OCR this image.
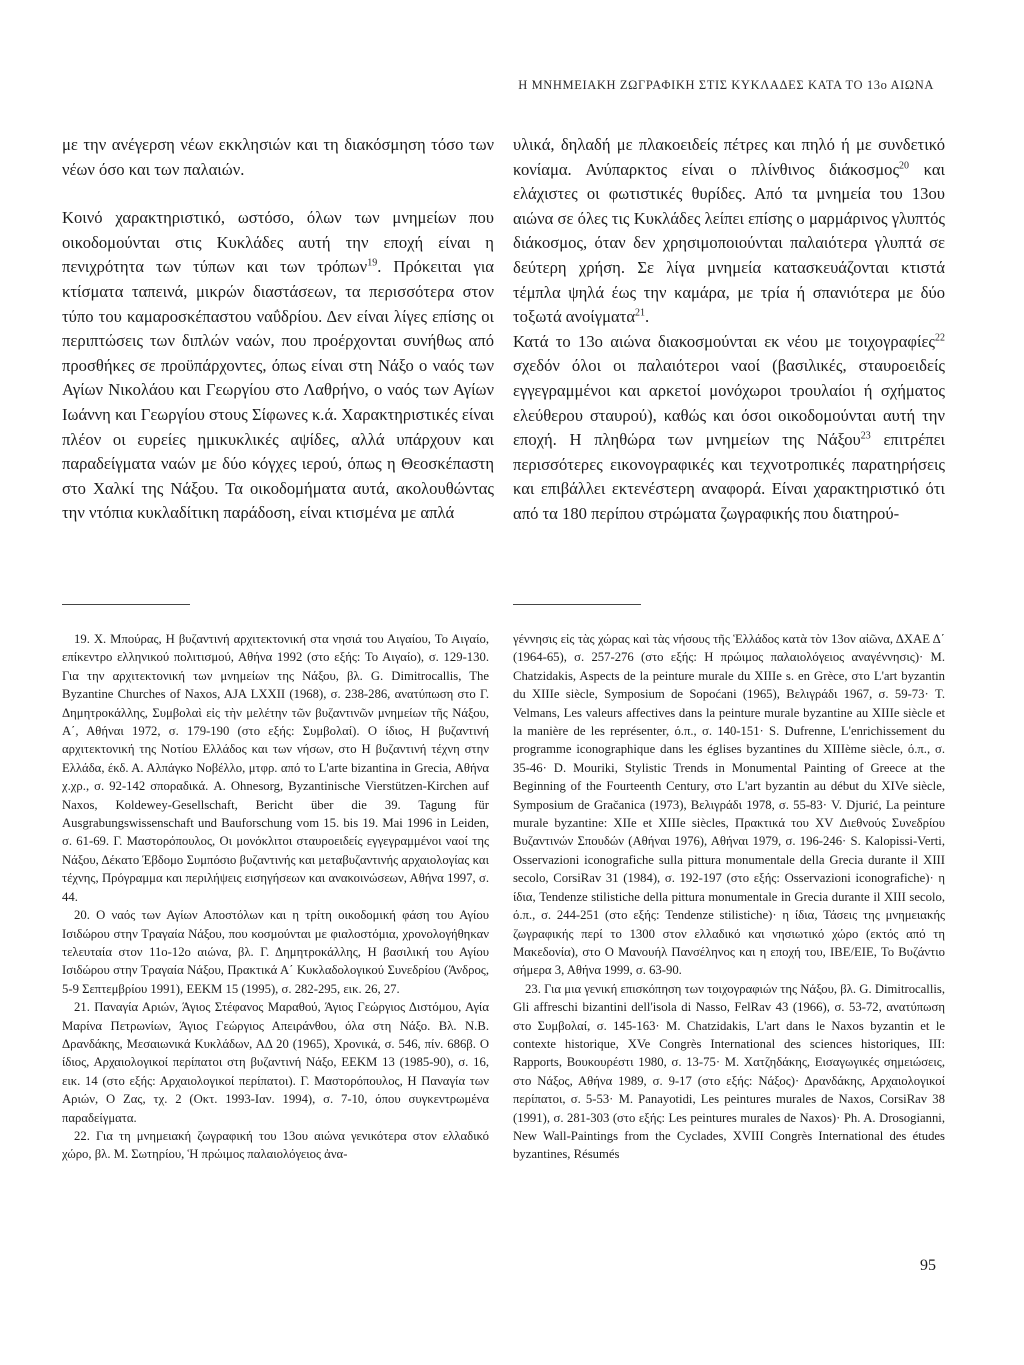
Η ΜΝΗΜΕΙΑΚΗ ΖΩΓΡΑΦΙΚΗ ΣΤΙΣ ΚΥΚΛΑΔΕΣ ΚΑΤΑ ΤΟ 13ο ΑΙΩΝΑ

με την ανέγερση νέων εκκλησιών και τη διακόσμηση τόσο των νέων όσο και των παλαιών.

Κοινό χαρακτηριστικό, ωστόσο, όλων των μνημείων που οικοδομούνται στις Κυκλάδες αυτή την εποχή είναι η πενιχρότητα των τύπων και των τρόπων$^{19}$. Πρόκειται για κτίσματα ταπεινά, μικρών διαστάσεων, τα περισσότερα στον τύπο του καμαροσκέπαστου ναΰδρίου. Δεν είναι λίγες επίσης οι περιπτώσεις των διπλών ναών, που προέρχονται συνήθως από προσθήκες σε προϋπάρχοντες, όπως είναι στη Νάξο ο ναός των Αγίων Νικολάου και Γεωργίου στο Λαθρήνο, ο ναός των Αγίων Ιωάννη και Γεωργίου στους Σίφωνες κ.ά. Χαρακτηριστικές είναι πλέον οι ευρείες ημικυκλικές αψίδες, αλλά υπάρχουν και παραδείγματα ναών με δύο κόγχες ιερού, όπως η Θεοσκέπαστη στο Χαλκί της Νάξου. Τα οικοδομήματα αυτά, ακολουθώντας την ντόπια κυκλαδίτικη παράδοση, είναι κτισμένα με απλά

υλικά, δηλαδή με πλακοειδείς πέτρες και πηλό ή με συνδετικό κονίαμα. Ανύπαρκτος είναι ο πλίνθινος διάκοσμος$^{20}$ και ελάχιστες οι φωτιστικές θυρίδες. Από τα μνημεία του 13ου αιώνα σε όλες τις Κυκλάδες λείπει επίσης ο μαρμάρινος γλυπτός διάκοσμος, όταν δεν χρησιμοποιούνται παλαιότερα γλυπτά σε δεύτερη χρήση. Σε λίγα μνημεία κατασκευάζονται κτιστά τέμπλα ψηλά έως την καμάρα, με τρία ή σπανιότερα με δύο τοξωτά ανοίγματα$^{21}$.

Κατά το 13ο αιώνα διακοσμούνται εκ νέου με τοιχογραφίες$^{22}$ σχεδόν όλοι οι παλαιότεροι ναοί (βασιλικές, σταυροειδείς εγγεγραμμένοι και αρκετοί μονόχωροι τρουλαίοι ή σχήματος ελεύθερου σταυρού), καθώς και όσοι οικοδομούνται αυτή την εποχή. Η πληθώρα των μνημείων της Νάξου$^{23}$ επιτρέπει περισσότερες εικονογραφικές και τεχνοτροπικές παρατηρήσεις και επιβάλλει εκτενέστερη αναφορά. Είναι χαρακτηριστικό ότι από τα 180 περίπου στρώματα ζωγραφικής που διατηρού-

19. Χ. Μπούρας, Η βυζαντινή αρχιτεκτονική στα νησιά του Αιγαίου, Το Αιγαίο, επίκεντρο ελληνικού πολιτισμού, Αθήνα 1992 (στο εξής: Το Αιγαίο), σ. 129-130. Για την αρχιτεκτονική των μνημείων της Νάξου, βλ. G. Dimitrocallis, The Byzantine Churches of Naxos, AJA LXXII (1968), σ. 238-286, ανατύπωση στο Γ. Δημητροκάλλης, Συμβολαὶ εἰς τὴν μελέτην τῶν βυζαντινῶν μνημείων τῆς Νάξου, Α΄, Αθήναι 1972, σ. 179-190 (στο εξής: Συμβολαί). Ο ίδιος, Η βυζαντινή αρχιτεκτονική της Νοτίου Ελλάδος και των νήσων, στο Η βυζαντινή τέχνη στην Ελλάδα, έκδ. Α. Αλπάγκο Νοβέλλο, μτφρ. από το L'arte bizantina in Grecia, Αθήνα χ.χρ., σ. 92-142 σποραδικά. A. Ohnesorg, Byzantinische Vierstützen-Kirchen auf Naxos, Koldewey-Gesellschaft, Bericht über die 39. Tagung für Ausgrabungswissenschaft und Bauforschung vom 15. bis 19. Mai 1996 in Leiden, σ. 61-69. Γ. Μαστορόπουλος, Οι μονόκλιτοι σταυροειδείς εγγεγραμμένοι ναοί της Νάξου, Δέκατο Έβδομο Συμπόσιο βυζαντινής και μεταβυζαντινής αρχαιολογίας και τέχνης, Πρόγραμμα και περιλήψεις εισηγήσεων και ανακοινώσεων, Αθήνα 1997, σ. 44.

20. Ο ναός των Αγίων Αποστόλων και η τρίτη οικοδομική φάση του Αγίου Ισιδώρου στην Τραγαία Νάξου, που κοσμούνται με φιαλοστόμια, χρονολογήθηκαν τελευταία στον 11ο-12ο αιώνα, βλ. Γ. Δημητροκάλλης, Η βασιλική του Αγίου Ισιδώρου στην Τραγαία Νάξου, Πρακτικά Α΄ Κυκλαδολογικού Συνεδρίου (Άνδρος, 5-9 Σεπτεμβρίου 1991), ΕΕΚΜ 15 (1995), σ. 282-295, εικ. 26, 27.

21. Παναγία Αριών, Άγιος Στέφανος Μαραθού, Άγιος Γεώργιος Διστόμου, Αγία Μαρίνα Πετρωνίων, Άγιος Γεώργιος Απειράνθου, όλα στη Νάξο. Βλ. Ν.Β. Δρανδάκης, Μεσαιωνικά Κυκλάδων, ΑΔ 20 (1965), Χρονικά, σ. 546, πίν. 686β. Ο ίδιος, Αρχαιολογικοί περίπατοι στη βυζαντινή Νάξο, ΕΕΚΜ 13 (1985-90), σ. 16, εικ. 14 (στο εξής: Αρχαιολογικοί περίπατοι). Γ. Μαστορόπουλος, Η Παναγία των Αριών, Ο Ζας, τχ. 2 (Οκτ. 1993-Ιαν. 1994), σ. 7-10, όπου συγκεντρωμένα παραδείγματα.

22. Για τη μνημειακή ζωγραφική του 13ου αιώνα γενικότερα στον ελλαδικό χώρο, βλ. Μ. Σωτηρίου, Ἡ πρώιμος παλαιολόγειος ἀνα-

γέννησις εἰς τὰς χώρας καὶ τὰς νήσους τῆς Ἑλλάδος κατὰ τὸν 13ον αἰῶνα, ΔΧΑΕ Δ΄ (1964-65), σ. 257-276 (στο εξής: Η πρώιμος παλαιολόγειος αναγέννησις)· M. Chatzidakis, Aspects de la peinture murale du XIIIe s. en Grèce, στο L'art byzantin du XIIIe siècle, Symposium de Sopoćani (1965), Βελιγράδι 1967, σ. 59-73· T. Velmans, Les valeurs affectives dans la peinture murale byzantine au XIIIe siècle et la manière de les représenter, ό.π., σ. 140-151· S. Dufrenne, L'enrichissement du programme iconographique dans les églises byzantines du XIIIème siècle, ό.π., σ. 35-46· D. Mouriki, Stylistic Trends in Monumental Painting of Greece at the Beginning of the Fourteenth Century, στο L'art byzantin au début du XIVe siècle, Symposium de Gračanica (1973), Βελιγράδι 1978, σ. 55-83· V. Djurić, La peinture murale byzantine: XIIe et XIIIe siècles, Πρακτικά του XV Διεθνούς Συνεδρίου Βυζαντινών Σπουδών (Αθήναι 1976), Αθήναι 1979, σ. 196-246· S. Kalopissi-Verti, Osservazioni iconografiche sulla pittura monumentale della Grecia durante il XIII secolo, CorsiRav 31 (1984), σ. 192-197 (στο εξής: Osservazioni iconografiche)· η ίδια, Tendenze stilistiche della pittura monumentale in Grecia durante il XIII secolo, ό.π., σ. 244-251 (στο εξής: Tendenze stilistiche)· η ίδια, Τάσεις της μνημειακής ζωγραφικής περί το 1300 στον ελλαδικό και νησιωτικό χώρο (εκτός από τη Μακεδονία), στο Ο Μανουήλ Πανσέληνος και η εποχή του, ΙΒΕ/ΕΙΕ, Το Βυζάντιο σήμερα 3, Αθήνα 1999, σ. 63-90.

23. Για μια γενική επισκόπηση των τοιχογραφιών της Νάξου, βλ. G. Dimitrocallis, Gli affreschi bizantini dell'isola di Nasso, FelRav 43 (1966), σ. 53-72, ανατύπωση στο Συμβολαί, σ. 145-163· M. Chatzidakis, L'art dans le Naxos byzantin et le contexte historique, XVe Congrès International des sciences historiques, III: Rapports, Βουκουρέστι 1980, σ. 13-75· Μ. Χατζηδάκης, Εισαγωγικές σημειώσεις, στο Νάξος, Αθήνα 1989, σ. 9-17 (στο εξής: Νάξος)· Δρανδάκης, Αρχαιολογικοί περίπατοι, σ. 5-53· M. Panayotidi, Les peintures murales de Naxos, CorsiRav 38 (1991), σ. 281-303 (στο εξής: Les peintures murales de Naxos)· Ph. A. Drosogianni, New Wall-Paintings from the Cyclades, XVIII Congrès International des études byzantines, Résumés

95
